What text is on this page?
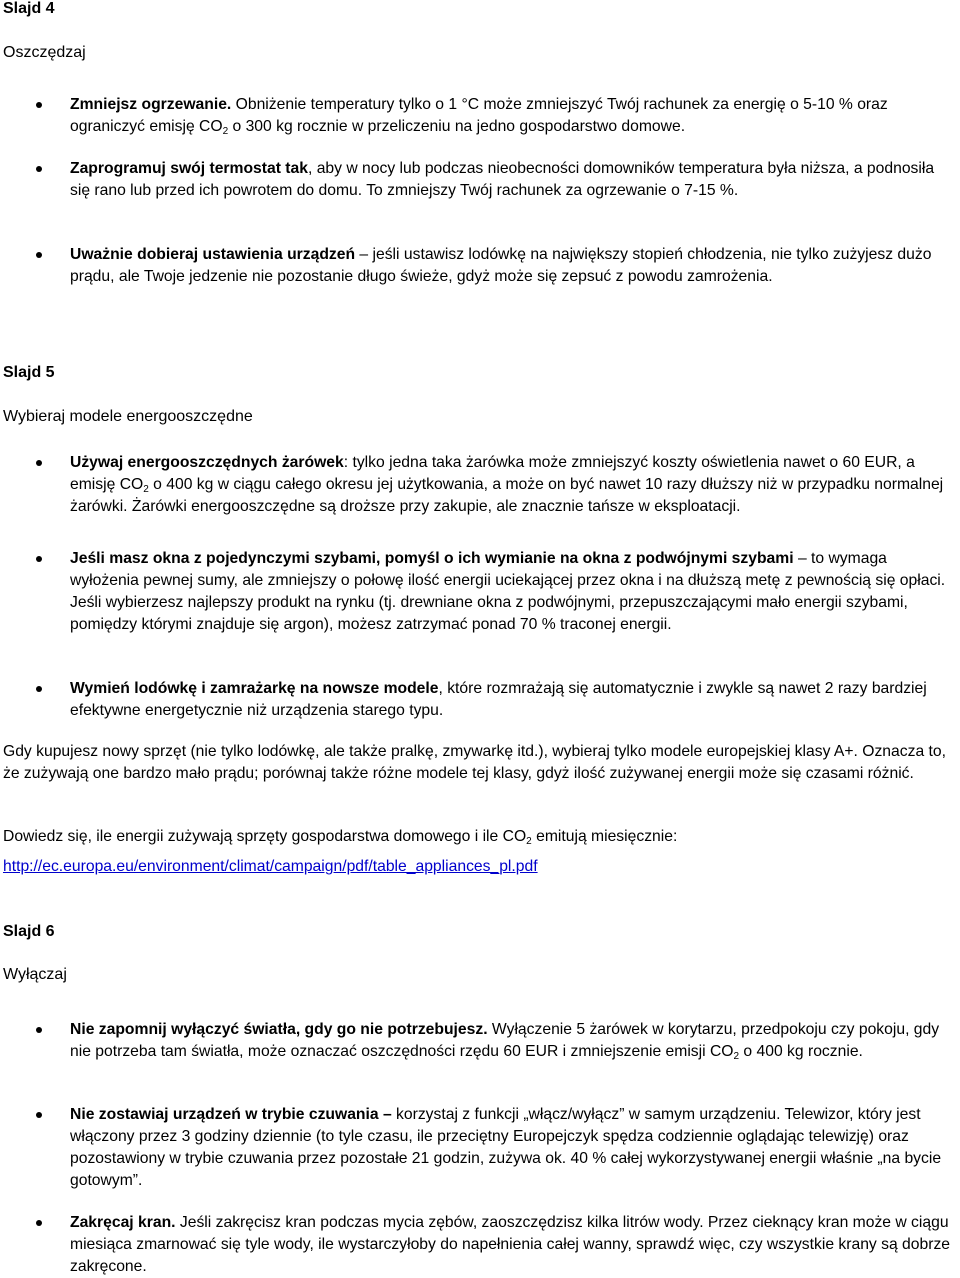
Slajd 4
Oszczędzaj
Zmniejsz ogrzewanie. Obniżenie temperatury tylko o 1 °C może zmniejszyć Twój rachunek za energię o 5-10 % oraz ograniczyć emisję $CO_2$ o 300 kg rocznie w przeliczeniu na jedno gospodarstwo domowe.
Zaprogramuj swój termostat tak, aby w nocy lub podczas nieobecności domowników temperatura była niższa, a podnosiła się rano lub przed ich powrotem do domu. To zmniejszy Twój rachunek za ogrzewanie o 7-15 %.
Uważnie dobieraj ustawienia urządzeń – jeśli ustawisz lodówkę na największy stopień chłodzenia, nie tylko zużyjesz dużo prądu, ale Twoje jedzenie nie pozostanie długo świeże, gdyż może się zepsuć z powodu zamrożenia.
Slajd 5
Wybieraj modele energooszczędne
Używaj energooszczędnych żarówek: tylko jedna taka żarówka może zmniejszyć koszty oświetlenia nawet o 60 EUR, a emisję $CO_2$ o 400 kg w ciągu całego okresu jej użytkowania, a może on być nawet 10 razy dłuższy niż w przypadku normalnej żarówki. Żarówki energooszczędne są droższe przy zakupie, ale znacznie tańsze w eksploatacji.
Jeśli masz okna z pojedynczymi szybami, pomyśl o ich wymianie na okna z podwójnymi szybami – to wymaga wyłożenia pewnej sumy, ale zmniejszy o połowę ilość energii uciekającej przez okna i na dłuższą metę z pewnością się opłaci. Jeśli wybierzesz najlepszy produkt na rynku (tj. drewniane okna z podwójnymi, przepuszczającymi mało energii szybami, pomiędzy którymi znajduje się argon), możesz zatrzymać ponad 70 % traconej energii.
Wymień lodówkę i zamrażarkę na nowsze modele, które rozmrażają się automatycznie i zwykle są nawet 2 razy bardziej efektywne energetycznie niż urządzenia starego typu.

Gdy kupujesz nowy sprzęt (nie tylko lodówkę, ale także pralkę, zmywarkę itd.), wybieraj tylko modele europejskiej klasy A+. Oznacza to, że zużywają one bardzo mało prądu; porównaj także różne modele tej klasy, gdyż ilość zużywanej energii może się czasami różnić.

Dowiedz się, ile energii zużywają sprzęty gospodarstwa domowego i ile $CO_2$ emitują miesięcznie:

http://ec.europa.eu/environment/climat/campaign/pdf/table_appliances_pl.pdf
Slajd 6
Wyłączaj
Nie zapomnij wyłączyć światła, gdy go nie potrzebujesz. Wyłączenie 5 żarówek w korytarzu, przedpokoju czy pokoju, gdy nie potrzeba tam światła, może oznaczać oszczędności rzędu 60 EUR i zmniejszenie emisji $CO_2$ o 400 kg rocznie.
Nie zostawiaj urządzeń w trybie czuwania – korzystaj z funkcji „włącz/wyłącz” w samym urządzeniu. Telewizor, który jest włączony przez 3 godziny dziennie (to tyle czasu, ile przeciętny Europejczyk spędza codziennie oglądając telewizję) oraz pozostawiony w trybie czuwania przez pozostałe 21 godzin, zużywa ok. 40 % całej wykorzystywanej energii właśnie „na bycie gotowym”.
Zakręcaj kran. Jeśli zakręcisz kran podczas mycia zębów, zaoszczędzisz kilka litrów wody. Przez cieknący kran może w ciągu miesiąca zmarnować się tyle wody, ile wystarczyłoby do napełnienia całej wanny, sprawdź więc, czy wszystkie krany są dobrze zakręcone.
